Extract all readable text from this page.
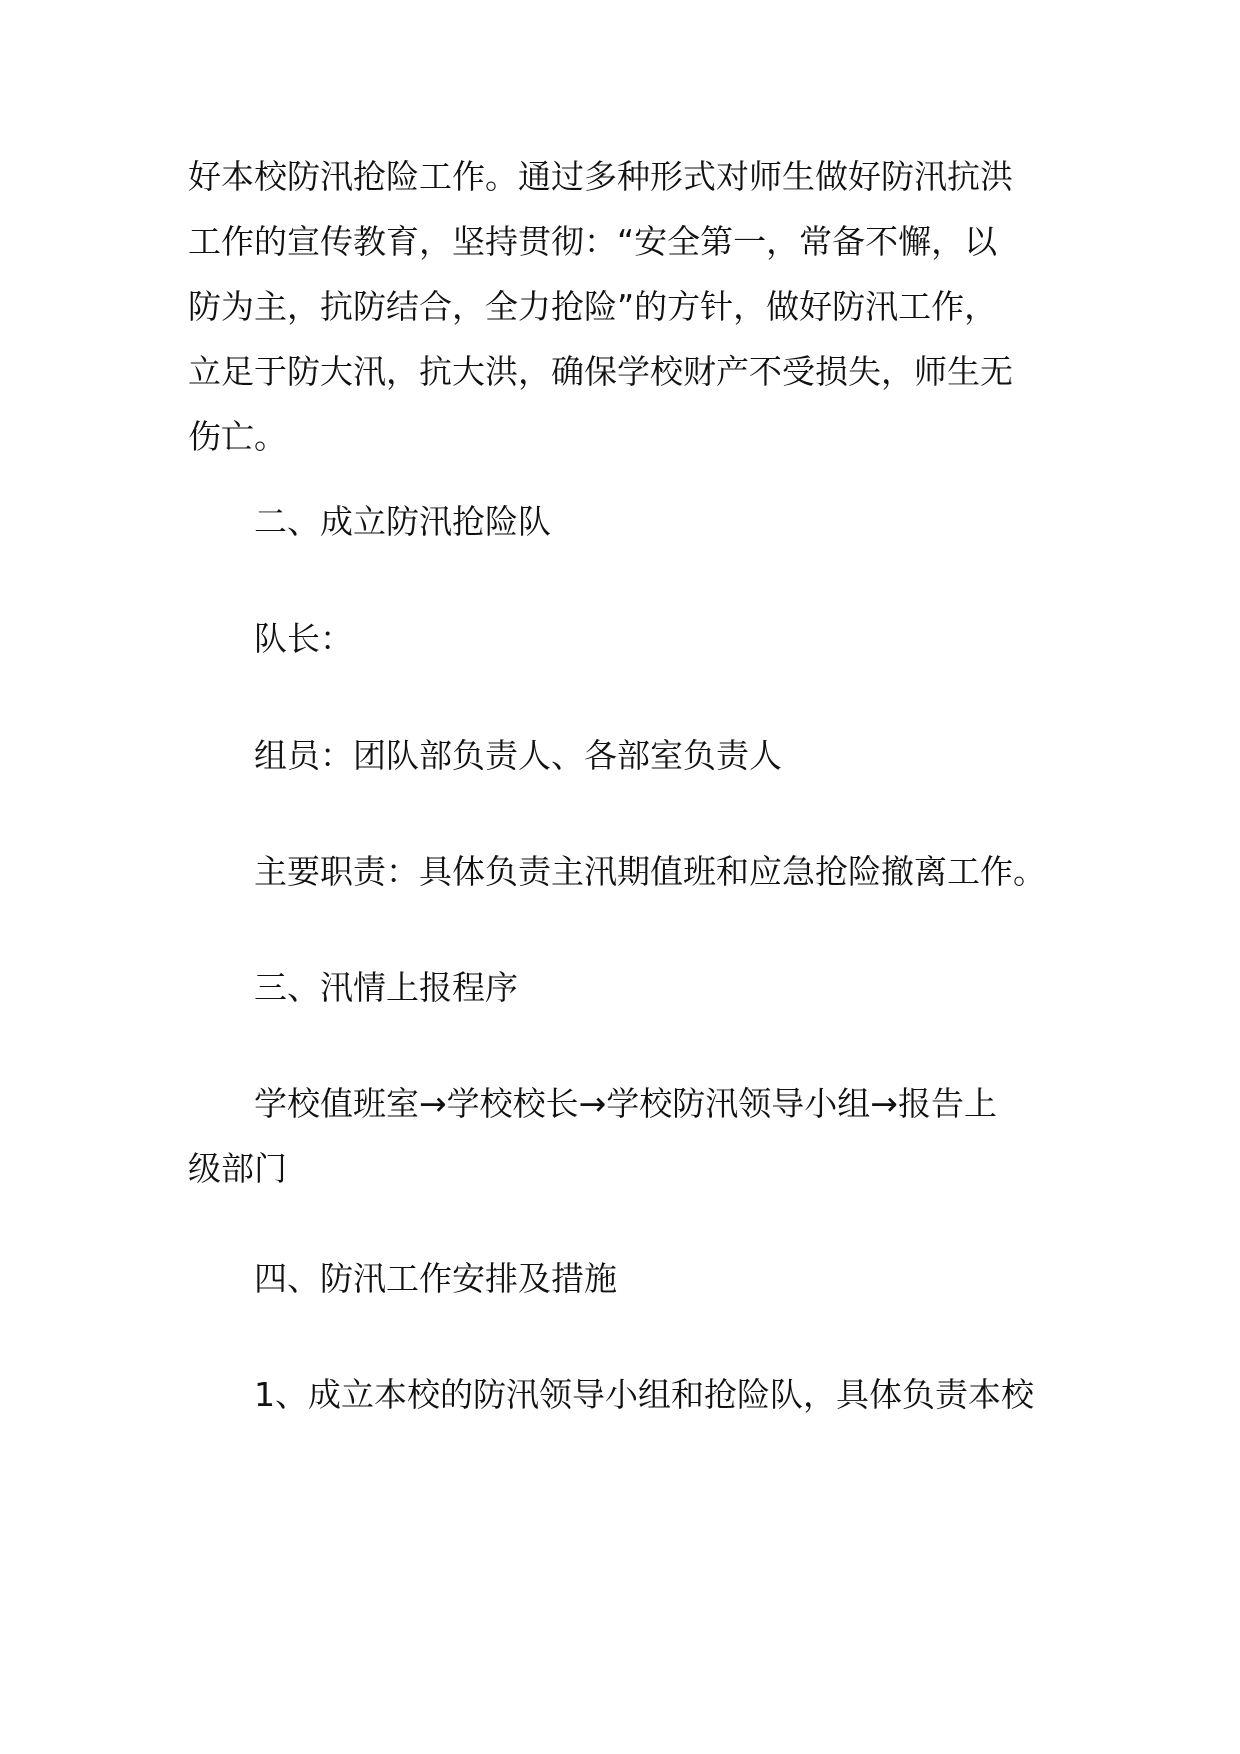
好本校防汛抢险工作。通过多种形式对师生做好防汛抗洪
工作的宣传教育，坚持贯彻：“安全第一，常备不懈，以
防为主，抗防结合，全力抢险”的方针，做好防汛工作，
立足于防大汛，抗大洪，确保学校财产不受损失，师生无
伤亡。

二、成立防汛抢险队

队长：

组员：团队部负责人、各部室负责人

主要职责：具体负责主汛期值班和应急抢险撤离工作。

三、汛情上报程序

学校值班室→学校校长→学校防汛领导小组→报告上
级部门

四、防汛工作安排及措施

1、成立本校的防汛领导小组和抢险队，具体负责本校
